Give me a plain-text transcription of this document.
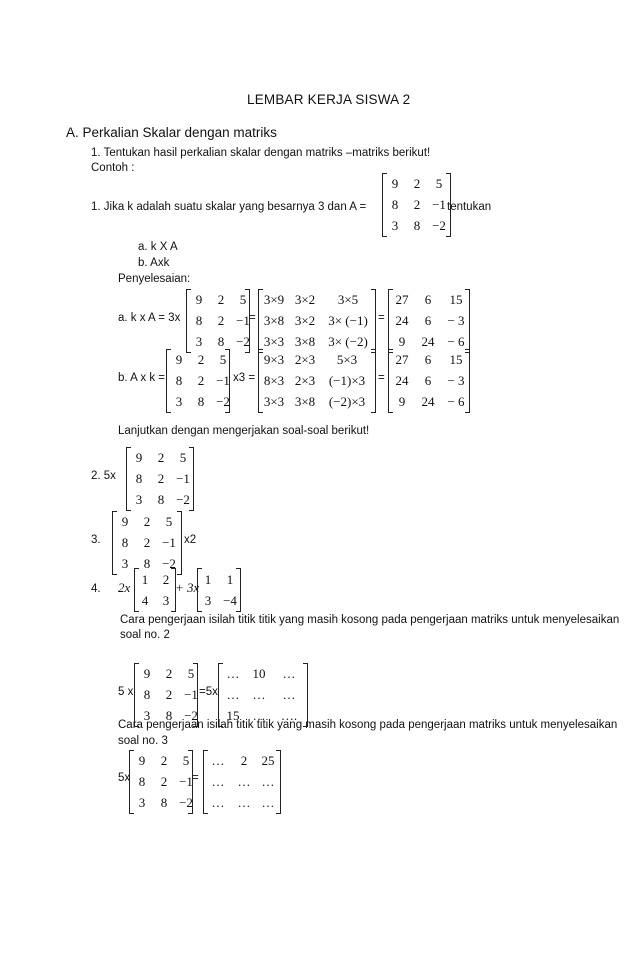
LEMBAR KERJA SISWA 2
A. Perkalian Skalar dengan matriks
1. Tentukan hasil perkalian skalar dengan matriks –matriks berikut!
Contoh :
1. Jika k adalah suatu skalar yang besarnya 3 dan A =	tentukan
a. k X A
b. Axk
Penyelesaian:
a. k x A = 3x	=	=
b. A x k =	x3 =	=
Lanjutkan dengan mengerjakan soal-soal berikut!
2. 5x
3.	x2
4. 2x	+ 3x
Cara pengerjaan isilah titik titik yang masih kosong pada pengerjaan matriks untuk menyelesaikan
soal no. 2
5 x	=5x
Cara pengerjaan isilah titik titik yang masih kosong pada pengerjaan matriks untuk menyelesaikan
soal no. 3
5x	=
9	2	5
8	2 −1
3	8 −2
9	2	5
8	2 −1
3	8 −2
3×9 3×2	3×5
3×8 3×2	3× (−1)
3×3 3×8	3× (−2)
27	6	15
24	6	− 3
9	24 − 6
9	2	5
8	2 −1
3	8 −2
9×3 2×3	5×3
8×3 2×3	(−1)×3
3×3 3×8	(−2)×3
27	6	15
24	6	− 3
9	24 − 6
9	2	5
8	2 −1
3	8 −2
9	2	5
8	2 −1
3	8 −2
1	2
4	3
1	1
3 −4
9	2	5
8	2 −1
3	8 −2
…	10	…
…	…	…
15	…	….
9	2	5
8	2 −1
3	8 −2
…	2	25
…	… …
…	… …
